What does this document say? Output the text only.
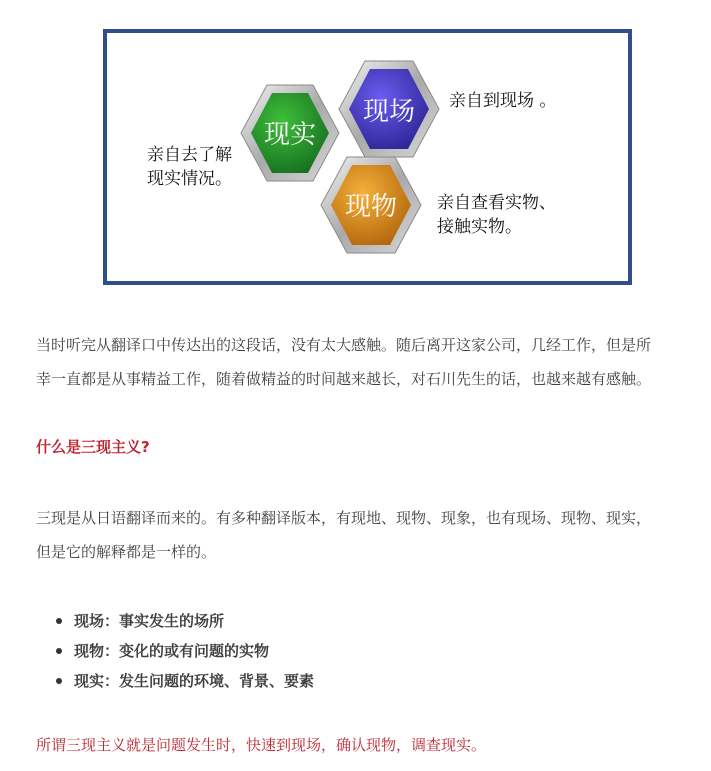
现实
现场
现物
亲自去了解
现实情况。
亲自到现场 。
亲自查看实物、
接触实物。
当时听完从翻译口中传达出的这段话，没有太大感触。随后离开这家公司，几经工作，但是所
幸一直都是从事精益工作，随着做精益的时间越来越长，对石川先生的话，也越来越有感触。

什么是三现主义?

三现是从日语翻译而来的。有多种翻译版本，有现地、现物、现象，也有现场、现物、现实，
但是它的解释都是一样的。
现场：事实发生的场所
现物：变化的或有问题的实物
现实：发生问题的环境、背景、要素

所谓三现主义就是问题发生时，快速到现场，确认现物，调查现实。
